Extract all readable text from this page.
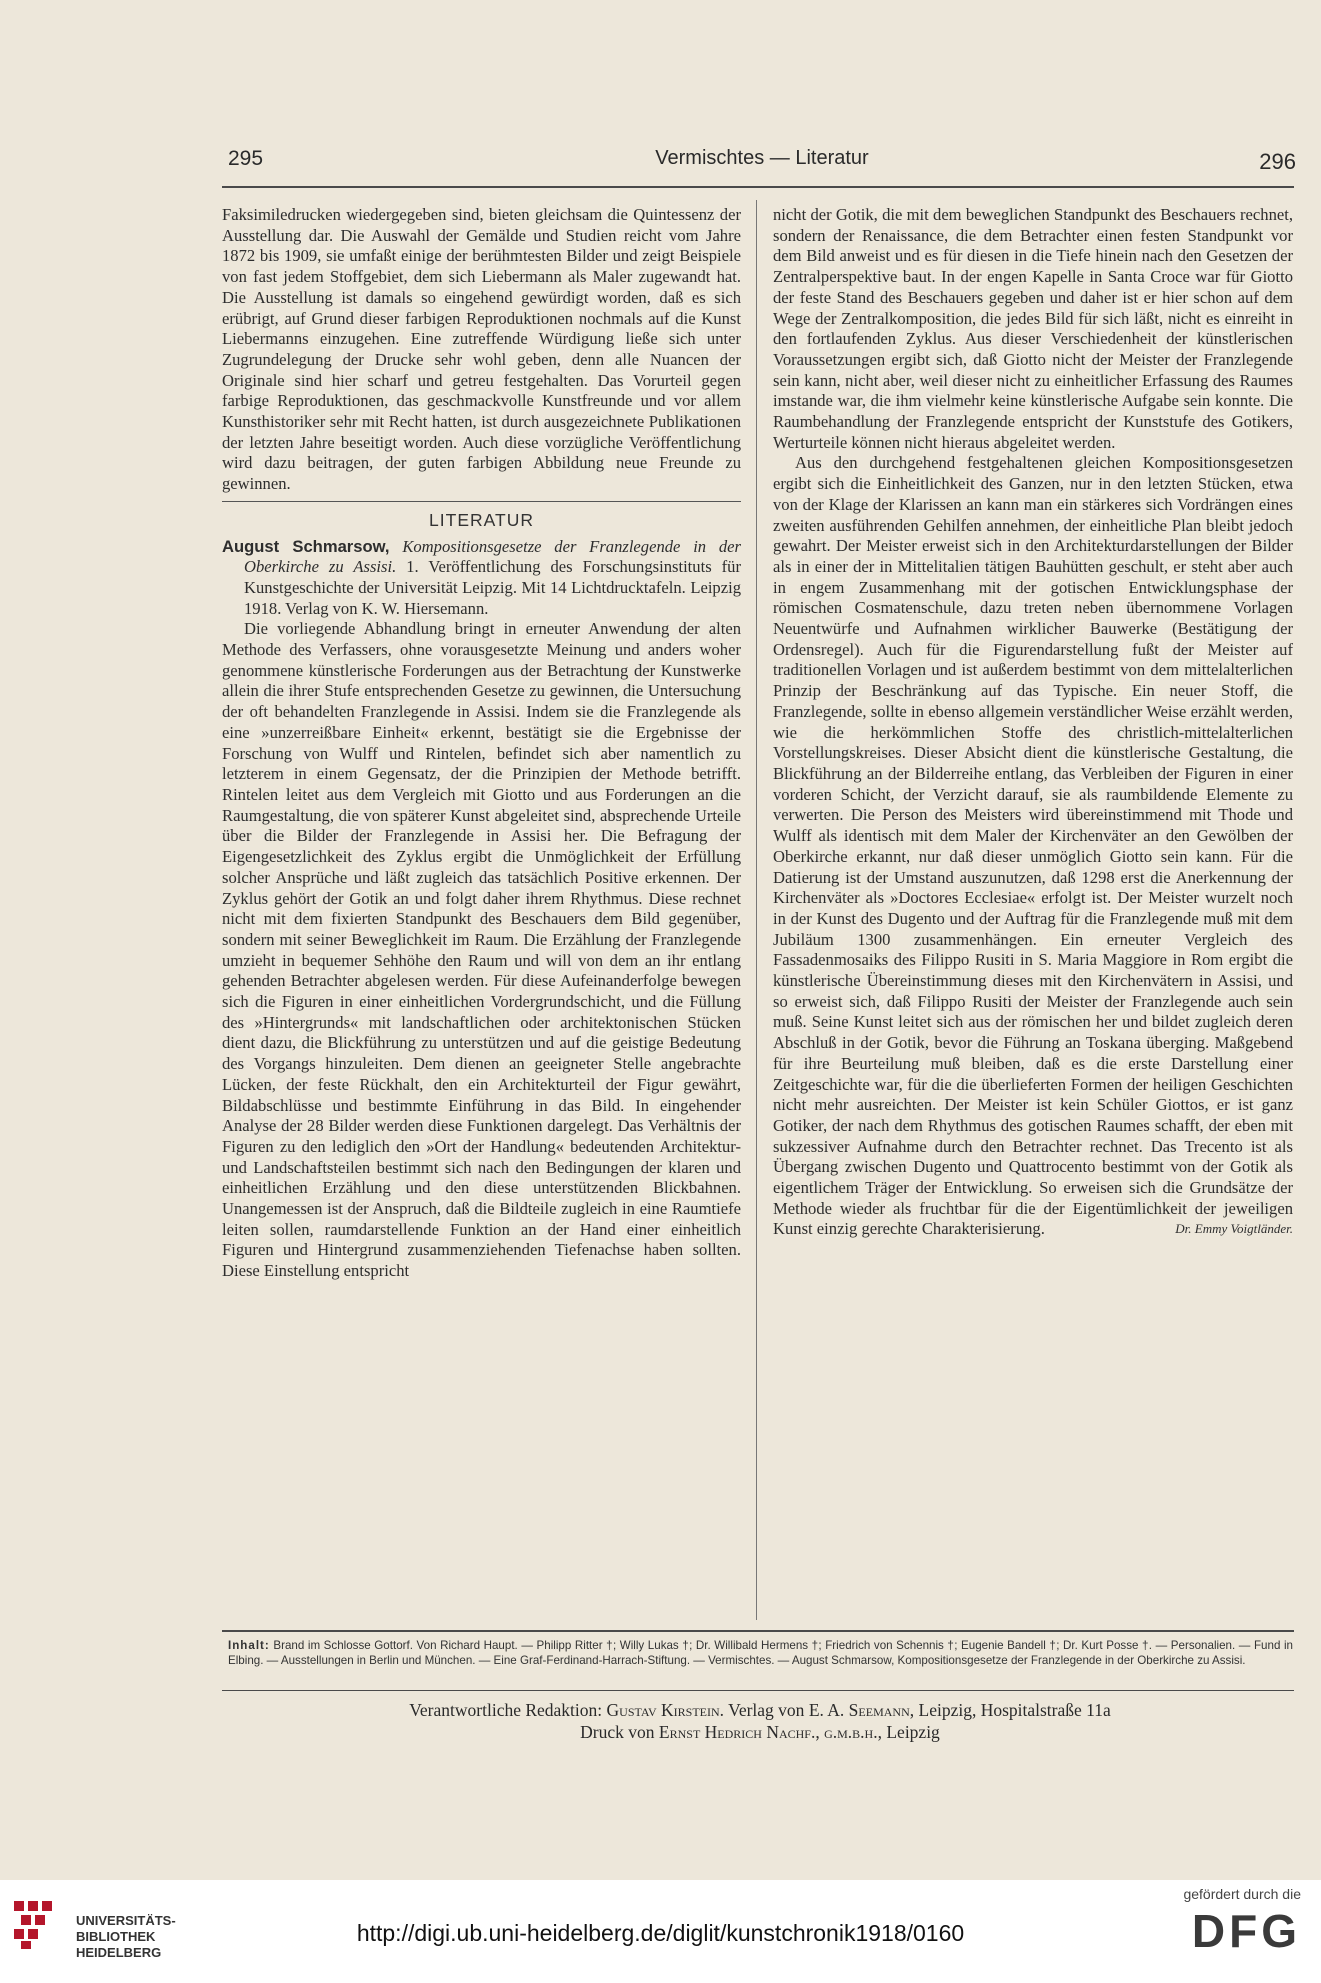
295	Vermischtes — Literatur	296

Faksimiledrucken wiedergegeben sind, bieten gleichsam die Quintessenz der Ausstellung dar. Die Auswahl der Gemälde und Studien reicht vom Jahre 1872 bis 1909, sie umfaßt einige der berühmtesten Bilder und zeigt Beispiele von fast jedem Stoffgebiet, dem sich Liebermann als Maler zugewandt hat. Die Ausstellung ist damals so eingehend gewürdigt worden, daß es sich erübrigt, auf Grund dieser farbigen Reproduktionen nochmals auf die Kunst Liebermanns einzugehen. Eine zutreffende Würdigung ließe sich unter Zugrundelegung der Drucke sehr wohl geben, denn alle Nuancen der Originale sind hier scharf und getreu festgehalten. Das Vorurteil gegen farbige Reproduktionen, das geschmackvolle Kunstfreunde und vor allem Kunsthistoriker sehr mit Recht hatten, ist durch ausgezeichnete Publikationen der letzten Jahre beseitigt worden. Auch diese vorzügliche Veröffentlichung wird dazu beitragen, der guten farbigen Abbildung neue Freunde zu gewinnen.

LITERATUR

August Schmarsow, Kompositionsgesetze der Franzlegende in der Oberkirche zu Assisi. 1. Veröffentlichung des Forschungsinstituts für Kunstgeschichte der Universität Leipzig. Mit 14 Lichtdrucktafeln. Leipzig 1918. Verlag von K. W. Hiersemann.

Die vorliegende Abhandlung bringt in erneuter Anwendung der alten Methode des Verfassers, ohne vorausgesetzte Meinung und anders woher genommene künstlerische Forderungen aus der Betrachtung der Kunstwerke allein die ihrer Stufe entsprechenden Gesetze zu gewinnen, die Untersuchung der oft behandelten Franzlegende in Assisi. Indem sie die Franzlegende als eine »unzerreißbare Einheit« erkennt, bestätigt sie die Ergebnisse der Forschung von Wulff und Rintelen, befindet sich aber namentlich zu letzterem in einem Gegensatz, der die Prinzipien der Methode betrifft. Rintelen leitet aus dem Vergleich mit Giotto und aus Forderungen an die Raumgestaltung, die von späterer Kunst abgeleitet sind, absprechende Urteile über die Bilder der Franzlegende in Assisi her. Die Befragung der Eigengesetzlichkeit des Zyklus ergibt die Unmöglichkeit der Erfüllung solcher Ansprüche und läßt zugleich das tatsächlich Positive erkennen. Der Zyklus gehört der Gotik an und folgt daher ihrem Rhythmus. Diese rechnet nicht mit dem fixierten Standpunkt des Beschauers dem Bild gegenüber, sondern mit seiner Beweglichkeit im Raum. Die Erzählung der Franzlegende umzieht in bequemer Sehhöhe den Raum und will von dem an ihr entlang gehenden Betrachter abgelesen werden. Für diese Aufeinanderfolge bewegen sich die Figuren in einer einheitlichen Vordergrundschicht, und die Füllung des »Hintergrunds« mit landschaftlichen oder architektonischen Stücken dient dazu, die Blickführung zu unterstützen und auf die geistige Bedeutung des Vorgangs hinzuleiten. Dem dienen an geeigneter Stelle angebrachte Lücken, der feste Rückhalt, den ein Architekturteil der Figur gewährt, Bildabschlüsse und bestimmte Einführung in das Bild. In eingehender Analyse der 28 Bilder werden diese Funktionen dargelegt. Das Verhältnis der Figuren zu den lediglich den »Ort der Handlung« bedeutenden Architektur- und Landschaftsteilen bestimmt sich nach den Bedingungen der klaren und einheitlichen Erzählung und den diese unterstützenden Blickbahnen. Unangemessen ist der Anspruch, daß die Bildteile zugleich in eine Raumtiefe leiten sollen, raumdarstellende Funktion an der Hand einer einheitlich Figuren und Hintergrund zusammenziehenden Tiefenachse haben sollten. Diese Einstellung entspricht

nicht der Gotik, die mit dem beweglichen Standpunkt des Beschauers rechnet, sondern der Renaissance, die dem Betrachter einen festen Standpunkt vor dem Bild anweist und es für diesen in die Tiefe hinein nach den Gesetzen der Zentralperspektive baut. In der engen Kapelle in Santa Croce war für Giotto der feste Stand des Beschauers gegeben und daher ist er hier schon auf dem Wege der Zentralkomposition, die jedes Bild für sich läßt, nicht es einreiht in den fortlaufenden Zyklus. Aus dieser Verschiedenheit der künstlerischen Voraussetzungen ergibt sich, daß Giotto nicht der Meister der Franzlegende sein kann, nicht aber, weil dieser nicht zu einheitlicher Erfassung des Raumes imstande war, die ihm vielmehr keine künstlerische Aufgabe sein konnte. Die Raumbehandlung der Franzlegende entspricht der Kunststufe des Gotikers, Werturteile können nicht hieraus abgeleitet werden.

Aus den durchgehend festgehaltenen gleichen Kompositionsgesetzen ergibt sich die Einheitlichkeit des Ganzen, nur in den letzten Stücken, etwa von der Klage der Klarissen an kann man ein stärkeres sich Vordrängen eines zweiten ausführenden Gehilfen annehmen, der einheitliche Plan bleibt jedoch gewahrt. Der Meister erweist sich in den Architekturdarstellungen der Bilder als in einer der in Mittelitalien tätigen Bauhütten geschult, er steht aber auch in engem Zusammenhang mit der gotischen Entwicklungsphase der römischen Cosmatenschule, dazu treten neben übernommene Vorlagen Neuentwürfe und Aufnahmen wirklicher Bauwerke (Bestätigung der Ordensregel). Auch für die Figurendarstellung fußt der Meister auf traditionellen Vorlagen und ist außerdem bestimmt von dem mittelalterlichen Prinzip der Beschränkung auf das Typische. Ein neuer Stoff, die Franzlegende, sollte in ebenso allgemein verständlicher Weise erzählt werden, wie die herkömmlichen Stoffe des christlich-mittelalterlichen Vorstellungskreises. Dieser Absicht dient die künstlerische Gestaltung, die Blickführung an der Bilderreihe entlang, das Verbleiben der Figuren in einer vorderen Schicht, der Verzicht darauf, sie als raumbildende Elemente zu verwerten. Die Person des Meisters wird übereinstimmend mit Thode und Wulff als identisch mit dem Maler der Kirchenväter an den Gewölben der Oberkirche erkannt, nur daß dieser unmöglich Giotto sein kann. Für die Datierung ist der Umstand auszunutzen, daß 1298 erst die Anerkennung der Kirchenväter als »Doctores Ecclesiae« erfolgt ist. Der Meister wurzelt noch in der Kunst des Dugento und der Auftrag für die Franzlegende muß mit dem Jubiläum 1300 zusammenhängen. Ein erneuter Vergleich des Fassadenmosaiks des Filippo Rusiti in S. Maria Maggiore in Rom ergibt die künstlerische Übereinstimmung dieses mit den Kirchenvätern in Assisi, und so erweist sich, daß Filippo Rusiti der Meister der Franzlegende auch sein muß. Seine Kunst leitet sich aus der römischen her und bildet zugleich deren Abschluß in der Gotik, bevor die Führung an Toskana überging. Maßgebend für ihre Beurteilung muß bleiben, daß es die erste Darstellung einer Zeitgeschichte war, für die die überlieferten Formen der heiligen Geschichten nicht mehr ausreichten. Der Meister ist kein Schüler Giottos, er ist ganz Gotiker, der nach dem Rhythmus des gotischen Raumes schafft, der eben mit sukzessiver Aufnahme durch den Betrachter rechnet. Das Trecento ist als Übergang zwischen Dugento und Quattrocento bestimmt von der Gotik als eigentlichem Träger der Entwicklung. So erweisen sich die Grundsätze der Methode wieder als fruchtbar für die der Eigentümlichkeit der jeweiligen Kunst einzig gerechte Charakterisierung.	Dr. Emmy Voigtländer.

Inhalt: Brand im Schlosse Gottorf. Von Richard Haupt. — Philipp Ritter †; Willy Lukas †; Dr. Willibald Hermens †; Friedrich von Schennis †; Eugenie Bandell †; Dr. Kurt Posse †. — Personalien. — Fund in Elbing. — Ausstellungen in Berlin und München. — Eine Graf-Ferdinand-Harrach-Stiftung. — Vermischtes. — August Schmarsow, Kompositionsgesetze der Franzlegende in der Oberkirche zu Assisi.
Verantwortliche Redaktion: Gustav Kirstein. Verlag von E. A. Seemann, Leipzig, Hospitalstraße 11a
Druck von Ernst Hedrich Nachf., g.m.b.h., Leipzig
UNIVERSITÄTS-
BIBLIOTHEK
HEIDELBERG
http://digi.ub.uni-heidelberg.de/diglit/kunstchronik1918/0160
gefördert durch die
DFG
